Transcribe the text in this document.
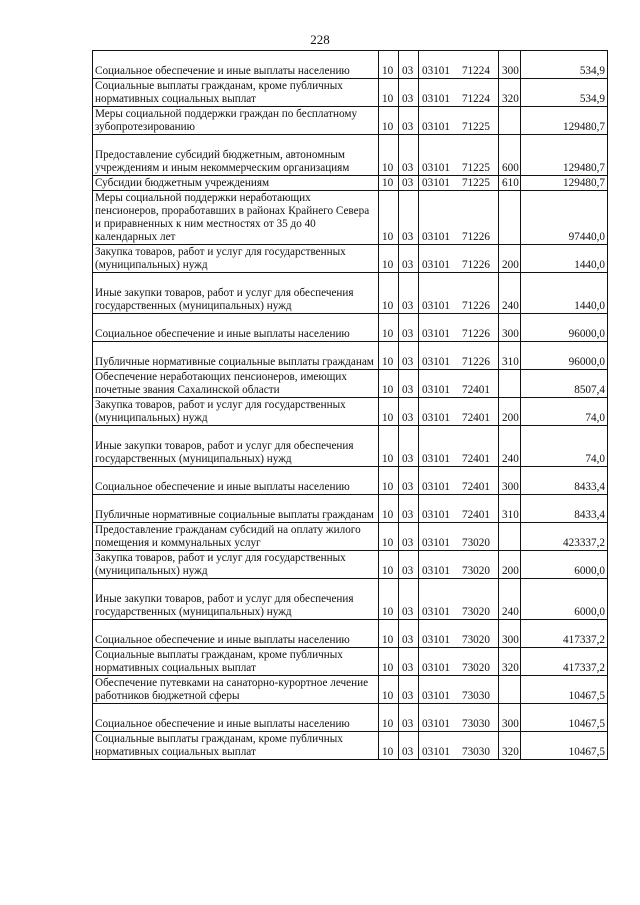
228
Социальное обеспечение и иные выплаты населению	10	03	03101 71224	300	534,9
Социальные выплаты гражданам, кроме публичных нормативных социальных выплат	10	03	03101 71224	320	534,9
Меры социальной поддержки граждан по бесплатному зубопротезированию	10	03	03101 71225		129480,7
Предоставление субсидий бюджетным, автономным учреждениям и иным некоммерческим организациям	10	03	03101 71225	600	129480,7
Субсидии бюджетным учреждениям	10	03	03101 71225	610	129480,7
Меры социальной поддержки неработающих пенсионеров, проработавших в районах Крайнего Севера и приравненных к ним местностях от 35 до 40 календарных лет	10	03	03101 71226		97440,0
Закупка товаров, работ и услуг для государственных (муниципальных) нужд	10	03	03101 71226	200	1440,0
Иные закупки товаров, работ и услуг для обеспечения государственных (муниципальных) нужд	10	03	03101 71226	240	1440,0
Социальное обеспечение и иные выплаты населению	10	03	03101 71226	300	96000,0
Публичные нормативные социальные выплаты гражданам	10	03	03101 71226	310	96000,0
Обеспечение неработающих пенсионеров, имеющих почетные звания Сахалинской области	10	03	03101 72401		8507,4
Закупка товаров, работ и услуг для государственных (муниципальных) нужд	10	03	03101 72401	200	74,0
Иные закупки товаров, работ и услуг для обеспечения государственных (муниципальных) нужд	10	03	03101 72401	240	74,0
Социальное обеспечение и иные выплаты населению	10	03	03101 72401	300	8433,4
Публичные нормативные социальные выплаты гражданам	10	03	03101 72401	310	8433,4
Предоставление гражданам субсидий на оплату жилого помещения и коммунальных услуг	10	03	03101 73020		423337,2
Закупка товаров, работ и услуг для государственных (муниципальных) нужд	10	03	03101 73020	200	6000,0
Иные закупки товаров, работ и услуг для обеспечения государственных (муниципальных) нужд	10	03	03101 73020	240	6000,0
Социальное обеспечение и иные выплаты населению	10	03	03101 73020	300	417337,2
Социальные выплаты гражданам, кроме публичных нормативных социальных выплат	10	03	03101 73020	320	417337,2
Обеспечение путевками на санаторно-курортное лечение работников бюджетной сферы	10	03	03101 73030		10467,5
Социальное обеспечение и иные выплаты населению	10	03	03101 73030	300	10467,5
Социальные выплаты гражданам, кроме публичных нормативных социальных выплат	10	03	03101 73030	320	10467,5
